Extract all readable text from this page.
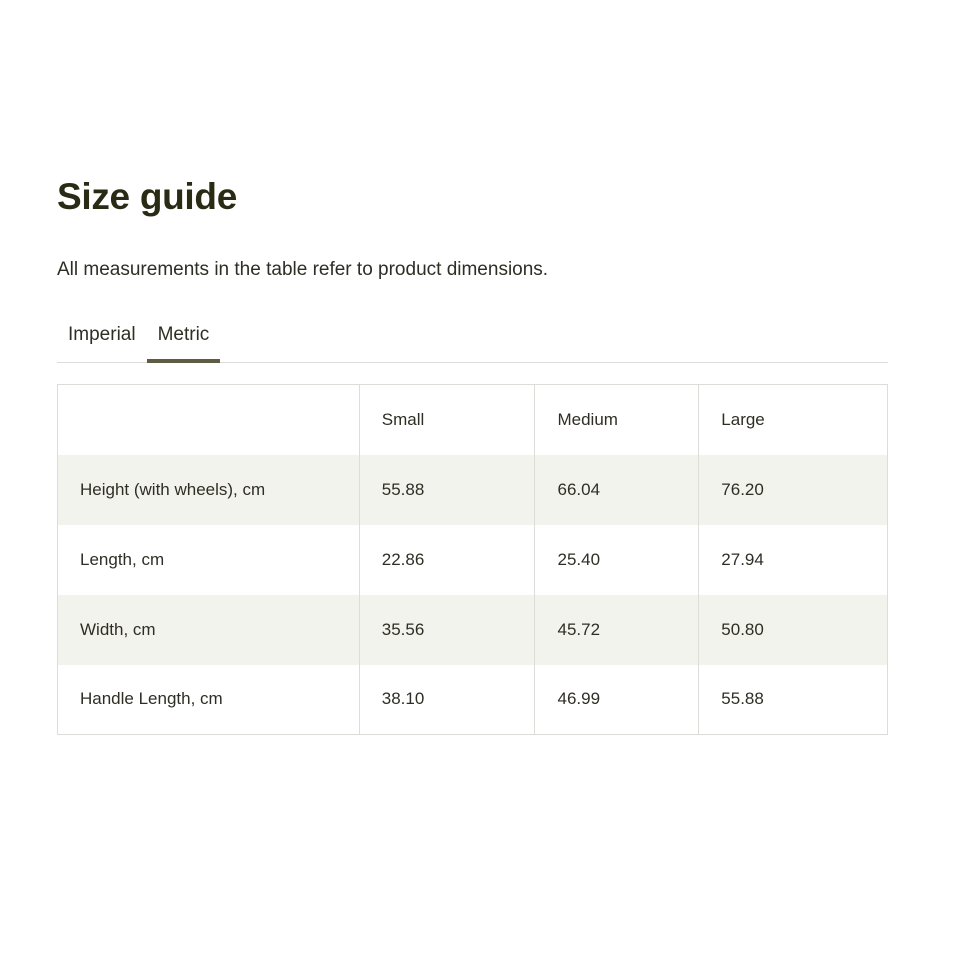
Size guide

All measurements in the table refer to product dimensions.

Imperial	Metric
	Small	Medium	Large
Height (with wheels), cm	55.88	66.04	76.20
Length, cm	22.86	25.40	27.94
Width, cm	35.56	45.72	50.80
Handle Length, cm	38.10	46.99	55.88
